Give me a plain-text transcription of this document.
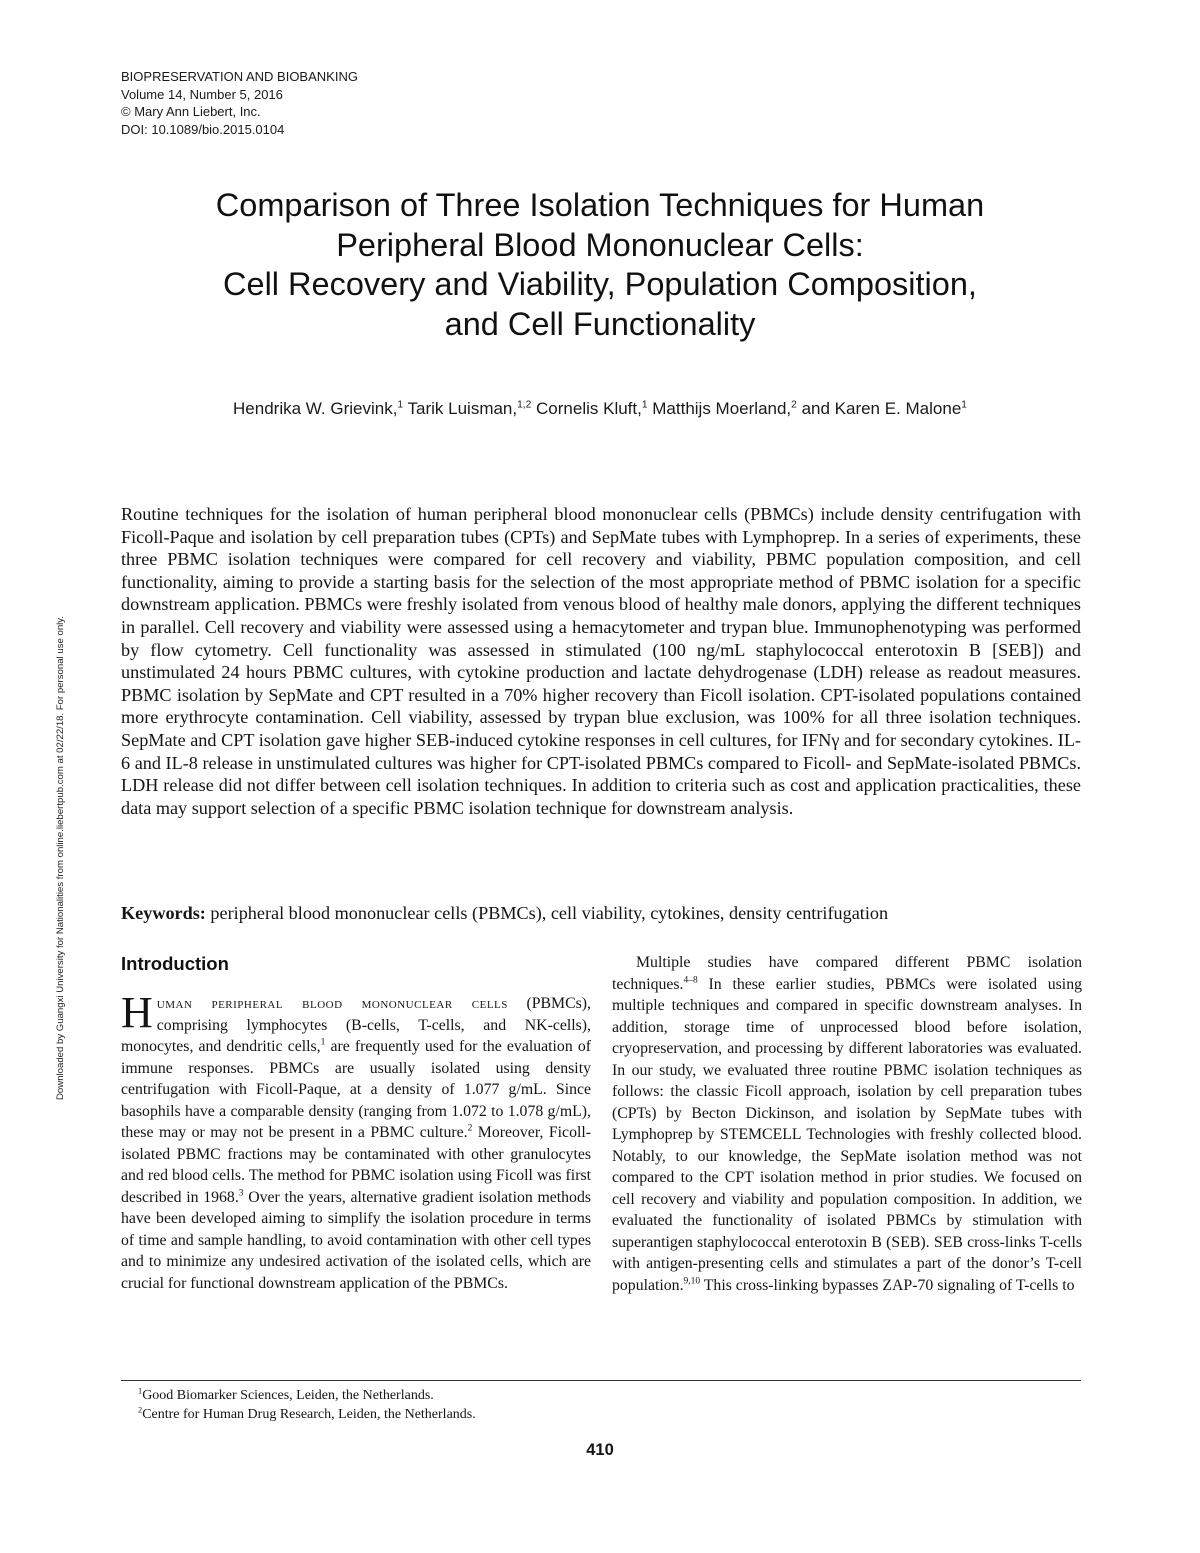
BIOPRESERVATION AND BIOBANKING
Volume 14, Number 5, 2016
© Mary Ann Liebert, Inc.
DOI: 10.1089/bio.2015.0104
Comparison of Three Isolation Techniques for Human
Peripheral Blood Mononuclear Cells:
Cell Recovery and Viability, Population Composition,
and Cell Functionality
Hendrika W. Grievink,$^1$ Tarik Luisman,$^{1,2}$ Cornelis Kluft,$^1$ Matthijs Moerland,$^2$ and Karen E. Malone$^1$
Downloaded by Guangxi University for Nationalities from online.liebertpub.com at 02/22/18. For personal use only.

Routine techniques for the isolation of human peripheral blood mononuclear cells (PBMCs) include density centrifugation with Ficoll-Paque and isolation by cell preparation tubes (CPTs) and SepMate tubes with Lymphoprep. In a series of experiments, these three PBMC isolation techniques were compared for cell recovery and viability, PBMC population composition, and cell functionality, aiming to provide a starting basis for the selection of the most appropriate method of PBMC isolation for a specific downstream application. PBMCs were freshly isolated from venous blood of healthy male donors, applying the different techniques in parallel. Cell recovery and viability were assessed using a hemacytometer and trypan blue. Immunophenotyping was performed by flow cytometry. Cell functionality was assessed in stimulated (100 ng/mL staphylococcal enterotoxin B [SEB]) and unstimulated 24 hours PBMC cultures, with cytokine production and lactate dehydrogenase (LDH) release as readout measures. PBMC isolation by SepMate and CPT resulted in a 70% higher recovery than Ficoll isolation. CPT-isolated populations contained more erythrocyte contamination. Cell viability, assessed by trypan blue exclusion, was 100% for all three isolation techniques. SepMate and CPT isolation gave higher SEB-induced cytokine responses in cell cultures, for IFNγ and for secondary cytokines. IL-6 and IL-8 release in unstimulated cultures was higher for CPT-isolated PBMCs compared to Ficoll- and SepMate-isolated PBMCs. LDH release did not differ between cell isolation techniques. In addition to criteria such as cost and application practicalities, these data may support selection of a specific PBMC isolation technique for downstream analysis.

Keywords: peripheral blood mononuclear cells (PBMCs), cell viability, cytokines, density centrifugation
Introduction

Human peripheral blood mononuclear cells (PBMCs), comprising lymphocytes (B-cells, T-cells, and NK-cells), monocytes, and dendritic cells,$^1$ are frequently used for the evaluation of immune responses. PBMCs are usually isolated using density centrifugation with Ficoll-Paque, at a density of 1.077 g/mL. Since basophils have a comparable density (ranging from 1.072 to 1.078 g/mL), these may or may not be present in a PBMC culture.$^2$ Moreover, Ficoll-isolated PBMC fractions may be contaminated with other granulocytes and red blood cells. The method for PBMC isolation using Ficoll was first described in 1968.$^3$ Over the years, alternative gradient isolation methods have been developed aiming to simplify the isolation procedure in terms of time and sample handling, to avoid contamination with other cell types and to minimize any undesired activation of the isolated cells, which are crucial for functional downstream application of the PBMCs.

Multiple studies have compared different PBMC isolation techniques.$^{4-8}$ In these earlier studies, PBMCs were isolated using multiple techniques and compared in specific downstream analyses. In addition, storage time of unprocessed blood before isolation, cryopreservation, and processing by different laboratories was evaluated. In our study, we evaluated three routine PBMC isolation techniques as follows: the classic Ficoll approach, isolation by cell preparation tubes (CPTs) by Becton Dickinson, and isolation by SepMate tubes with Lymphoprep by STEMCELL Technologies with freshly collected blood. Notably, to our knowledge, the SepMate isolation method was not compared to the CPT isolation method in prior studies. We focused on cell recovery and viability and population composition. In addition, we evaluated the functionality of isolated PBMCs by stimulation with superantigen staphylococcal enterotoxin B (SEB). SEB cross-links T-cells with antigen-presenting cells and stimulates a part of the donor’s T-cell population.$^{9,10}$ This cross-linking bypasses ZAP-70 signaling of T-cells to

$^1$Good Biomarker Sciences, Leiden, the Netherlands.
$^2$Centre for Human Drug Research, Leiden, the Netherlands.
410
